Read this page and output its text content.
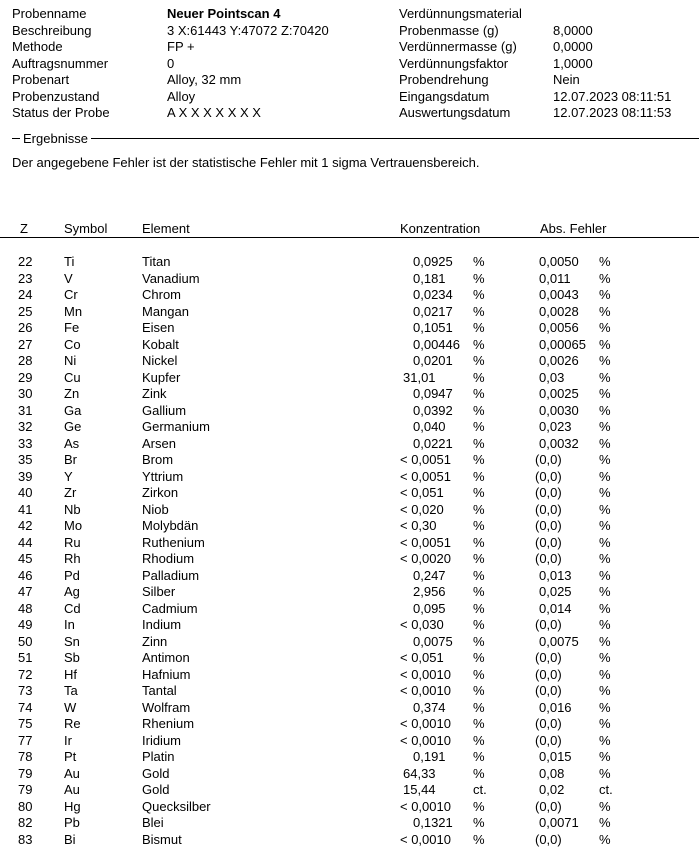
Probenname	Neuer Pointscan 4
Beschreibung	3 X:61443 Y:47072 Z:70420
Methode	FP +
Auftragsnummer	0
Probenart	Alloy, 32 mm
Probenzustand	Alloy
Status der Probe	A X X X X X X X
Verdünnungsmaterial
Probenmasse (g)	8,0000
Verdünnermasse (g)	0,0000
Verdünnungsfaktor	1,0000
Probendrehung	Nein
Eingangsdatum	12.07.2023 08:11:51
Auswertungsdatum	12.07.2023 08:11:53
Ergebnisse
Der angegebene Fehler ist der statistische Fehler mit 1 sigma Vertrauensbereich.
Z	Symbol	Element	Konzentration	Abs. Fehler
22 Ti	Titan	0,0925	%	0,0050	%
23 V	Vanadium	0,181	%	0,011	%
24 Cr	Chrom	0,0234	%	0,0043	%
25 Mn	Mangan	0,0217	%	0,0028	%
26 Fe	Eisen	0,1051	%	0,0056	%
27 Co	Kobalt	0,00446	%	0,00065	%
28 Ni	Nickel	0,0201	%	0,0026	%
29 Cu	Kupfer	31,01	%	0,03	%
30 Zn	Zink	0,0947	%	0,0025	%
31 Ga	Gallium	0,0392	%	0,0030	%
32 Ge	Germanium	0,040	%	0,023	%
33 As	Arsen	0,0221	%	0,0032	%
35 Br	Brom	< 0,0051	%	(0,0)	%
39 Y	Yttrium	< 0,0051	%	(0,0)	%
40 Zr	Zirkon	< 0,051	%	(0,0)	%
41 Nb	Niob	< 0,020	%	(0,0)	%
42 Mo	Molybdän	< 0,30	%	(0,0)	%
44 Ru	Ruthenium	< 0,0051	%	(0,0)	%
45 Rh	Rhodium	< 0,0020	%	(0,0)	%
46 Pd	Palladium	0,247	%	0,013	%
47 Ag	Silber	2,956	%	0,025	%
48 Cd	Cadmium	0,095	%	0,014	%
49 In	Indium	< 0,030	%	(0,0)	%
50 Sn	Zinn	0,0075	%	0,0075	%
51 Sb	Antimon	< 0,051	%	(0,0)	%
72 Hf	Hafnium	< 0,0010	%	(0,0)	%
73 Ta	Tantal	< 0,0010	%	(0,0)	%
74 W	Wolfram	0,374	%	0,016	%
75 Re	Rhenium	< 0,0010	%	(0,0)	%
77 Ir	Iridium	< 0,0010	%	(0,0)	%
78 Pt	Platin	0,191	%	0,015	%
79 Au	Gold	64,33	%	0,08	%
79 Au	Gold	15,44	ct.	0,02	ct.
80 Hg	Quecksilber	< 0,0010	%	(0,0)	%
82 Pb	Blei	0,1321	%	0,0071	%
83 Bi	Bismut	< 0,0010	%	(0,0)	%
